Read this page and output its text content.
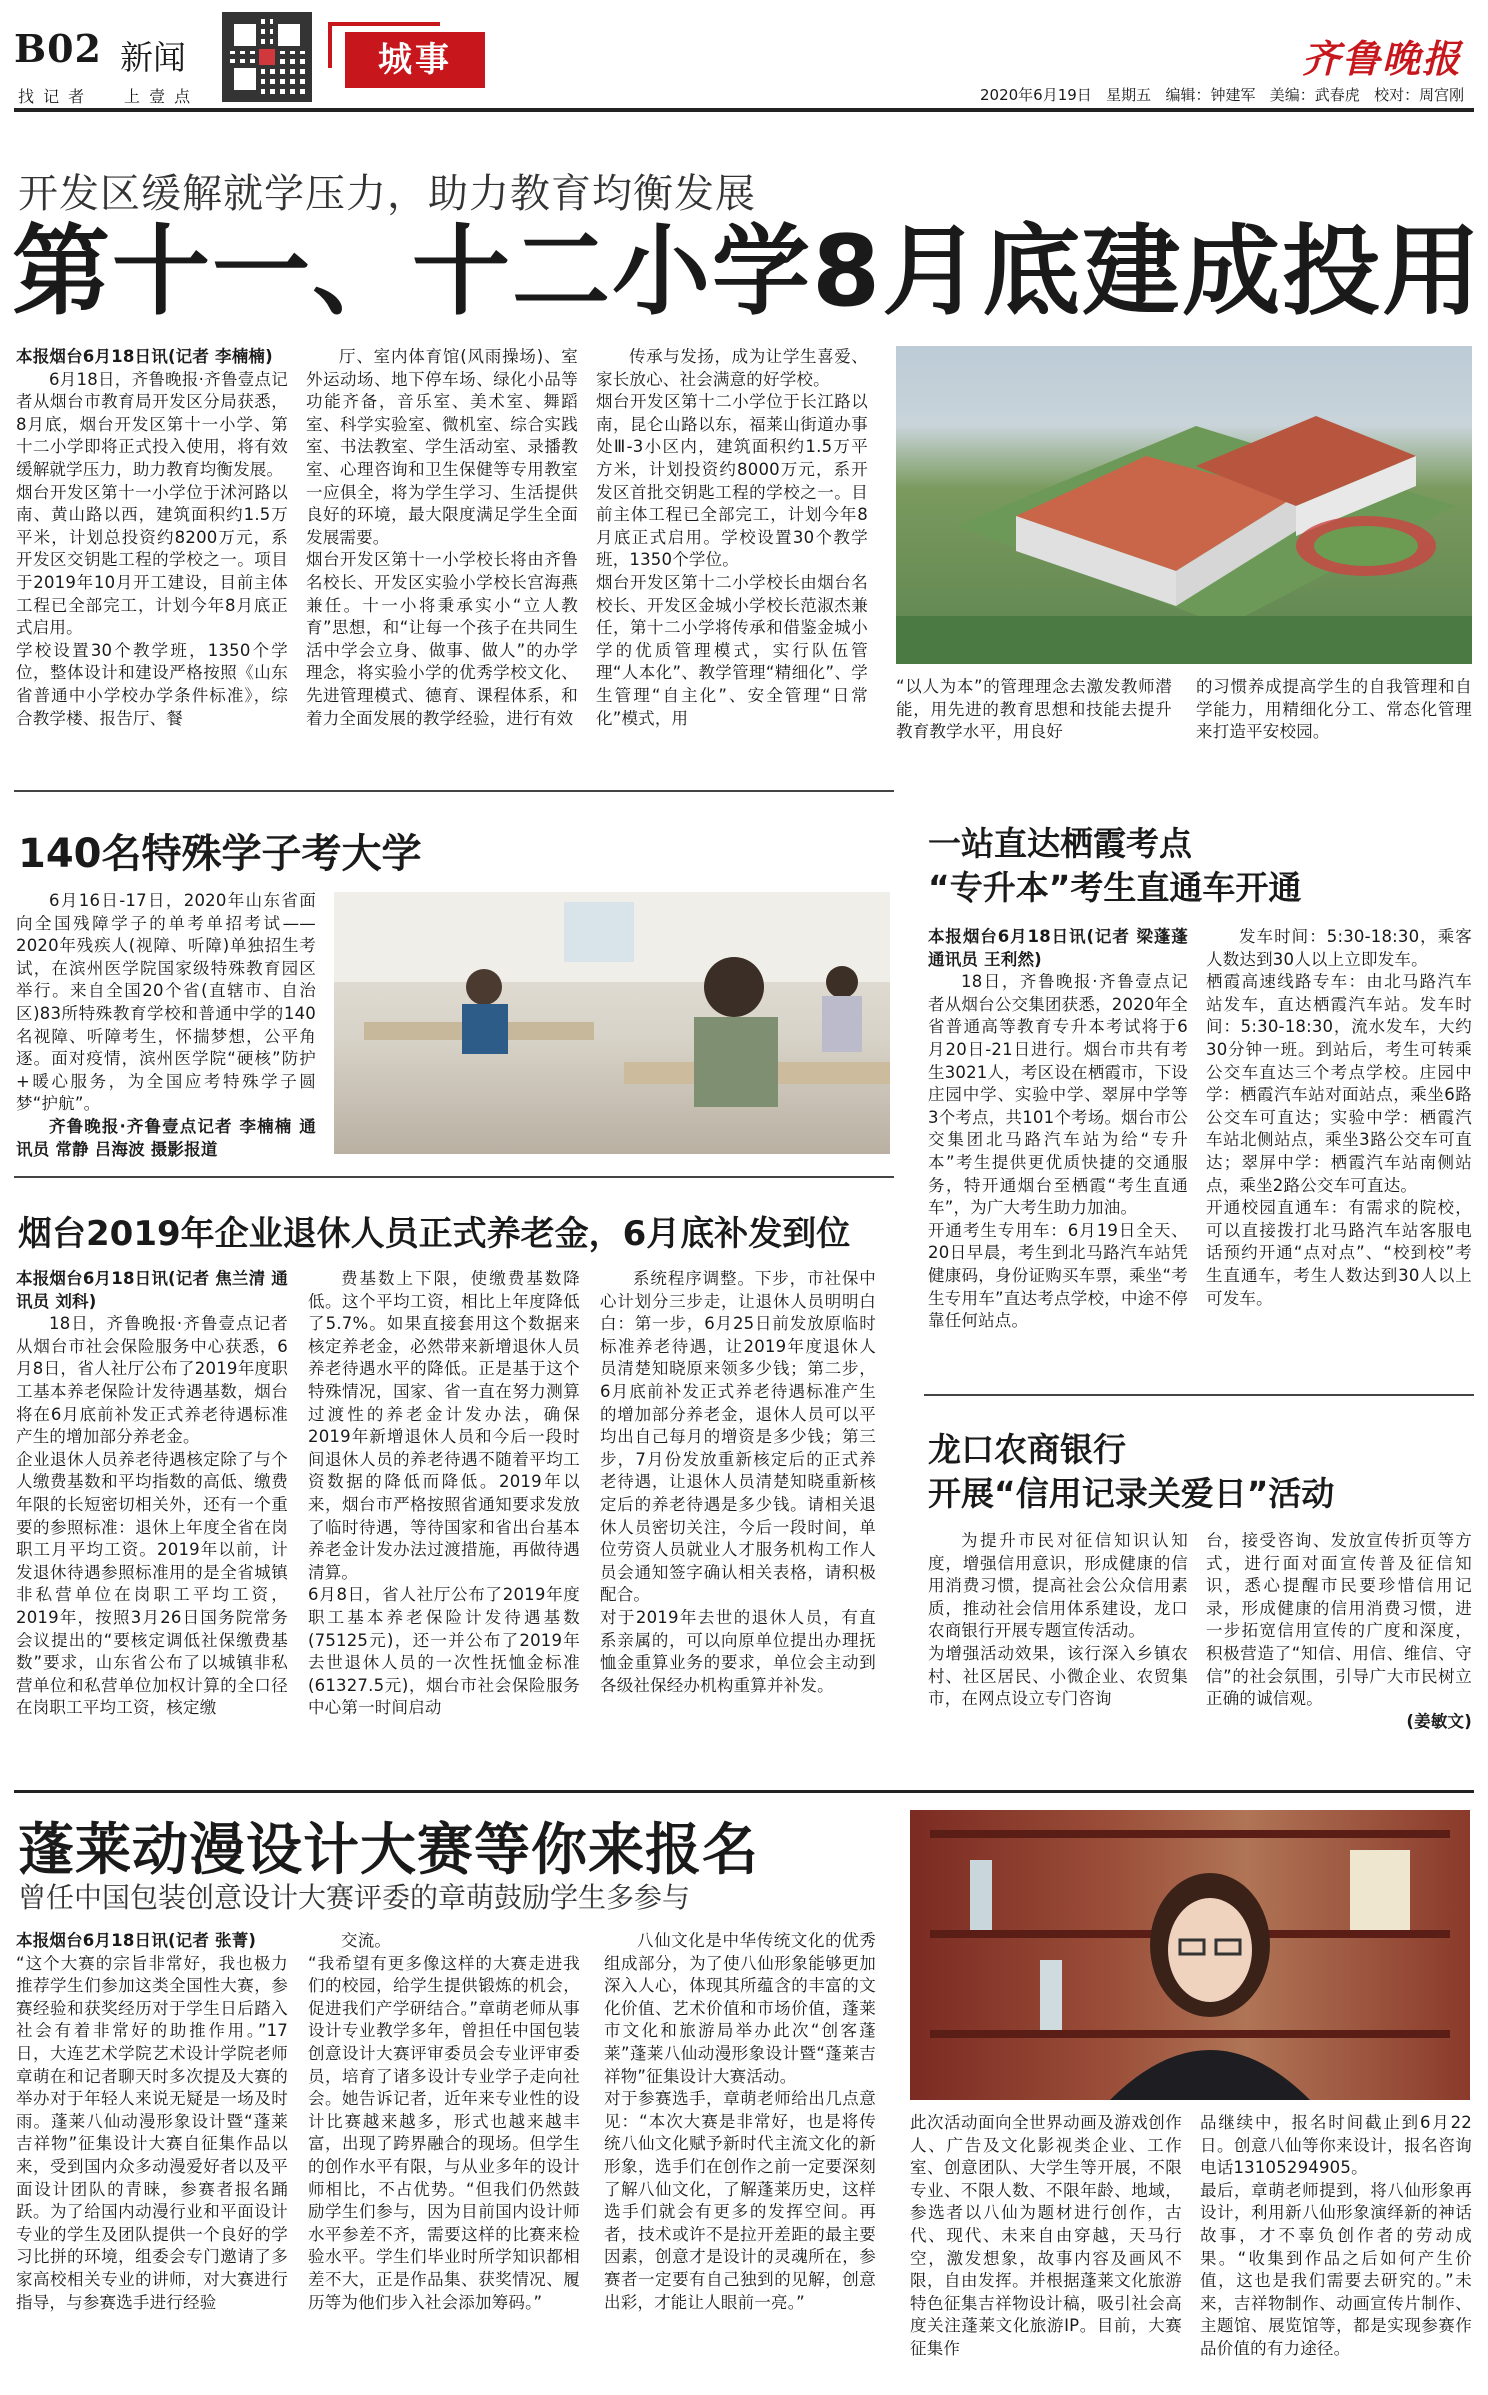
B02 新闻
找 记 者 上 壹 点
城事	齐鲁晚报
2020年6月19日 星期五 编辑：钟建军 美编：武春虎 校对：周宫刚
开发区缓解就学压力，助力教育均衡发展
第十一、十二小学8月底建成投用

本报烟台6月18日讯(记者 李楠楠)

6月18日，齐鲁晚报·齐鲁壹点记者从烟台市教育局开发区分局获悉，8月底，烟台开发区第十一小学、第十二小学即将正式投入使用，将有效缓解就学压力，助力教育均衡发展。
烟台开发区第十一小学位于沭河路以南、黄山路以西，建筑面积约1.5万平米，计划总投资约8200万元，系开发区交钥匙工程的学校之一。项目于2019年10月开工建设，目前主体工程已全部完工，计划今年8月底正式启用。
学校设置30个教学班，1350个学位，整体设计和建设严格按照《山东省普通中小学校办学条件标准》，综合教学楼、报告厅、餐
厅、室内体育馆(风雨操场)、室外运动场、地下停车场、绿化小品等功能齐备，音乐室、美术室、舞蹈室、科学实验室、微机室、综合实践室、书法教室、学生活动室、录播教室、心理咨询和卫生保健等专用教室一应俱全，将为学生学习、生活提供良好的环境，最大限度满足学生全面发展需要。
烟台开发区第十一小学校长将由齐鲁名校长、开发区实验小学校长宫海燕兼任。十一小将秉承实小“立人教育”思想，和“让每一个孩子在共同生活中学会立身、做事、做人”的办学理念，将实验小学的优秀学校文化、先进管理模式、德育、课程体系，和着力全面发展的教学经验，进行有效
传承与发扬，成为让学生喜爱、家长放心、社会满意的好学校。
烟台开发区第十二小学位于长江路以南，昆仑山路以东，福莱山街道办事处Ⅲ-3小区内，建筑面积约1.5万平方米，计划投资约8000万元，系开发区首批交钥匙工程的学校之一。目前主体工程已全部完工，计划今年8月底正式启用。学校设置30个教学班，1350个学位。
烟台开发区第十二小学校长由烟台名校长、开发区金城小学校长范淑杰兼任，第十二小学将传承和借鉴金城小学的优质管理模式，实行队伍管理“人本化”、教学管理“精细化”、学生管理“自主化”、安全管理“日常化”模式，用
“以人为本”的管理理念去激发教师潜能，用先进的教育思想和技能去提升教育教学水平，用良好
的习惯养成提高学生的自我管理和自学能力，用精细化分工、常态化管理来打造平安校园。
140名特殊学子考大学

6月16日-17日，2020年山东省面向全国残障学子的单考单招考试——2020年残疾人(视障、听障)单独招生考试，在滨州医学院国家级特殊教育园区举行。来自全国20个省(直辖市、自治区)83所特殊教育学校和普通中学的140名视障、听障考生，怀揣梦想，公平角逐。面对疫情，滨州医学院“硬核”防护+暖心服务，为全国应考特殊学子圆梦“护航”。

齐鲁晚报·齐鲁壹点记者 李楠楠 通讯员 常静 吕海波 摄影报道

烟台2019年企业退休人员正式养老金，6月底补发到位

本报烟台6月18日讯(记者 焦兰清 通讯员 刘科)

18日，齐鲁晚报·齐鲁壹点记者从烟台市社会保险服务中心获悉，6月8日，省人社厅公布了2019年度职工基本养老保险计发待遇基数，烟台将在6月底前补发正式养老待遇标准产生的增加部分养老金。
企业退休人员养老待遇核定除了与个人缴费基数和平均指数的高低、缴费年限的长短密切相关外，还有一个重要的参照标准：退休上年度全省在岗职工月平均工资。2019年以前，计发退休待遇参照标准用的是全省城镇非私营单位在岗职工平均工资，2019年，按照3月26日国务院常务会议提出的“要核定调低社保缴费基数”要求，山东省公布了以城镇非私营单位和私营单位加权计算的全口径在岗职工平均工资，核定缴
费基数上下限，使缴费基数降低。这个平均工资，相比上年度降低了5.7%。如果直接套用这个数据来核定养老金，必然带来新增退休人员养老待遇水平的降低。正是基于这个特殊情况，国家、省一直在努力测算过渡性的养老金计发办法，确保2019年新增退休人员和今后一段时间退休人员的养老待遇不随着平均工资数据的降低而降低。2019年以来，烟台市严格按照省通知要求发放了临时待遇，等待国家和省出台基本养老金计发办法过渡措施，再做待遇清算。
6月8日，省人社厅公布了2019年度职工基本养老保险计发待遇基数(75125元)，还一并公布了2019年去世退休人员的一次性抚恤金标准(61327.5元)，烟台市社会保险服务中心第一时间启动
系统程序调整。下步，市社保中心计划分三步走，让退休人员明明白白：第一步，6月25日前发放原临时标准养老待遇，让2019年度退休人员清楚知晓原来领多少钱；第二步，6月底前补发正式养老待遇标准产生的增加部分养老金，退休人员可以平均出自己每月的增资是多少钱；第三步，7月份发放重新核定后的正式养老待遇，让退休人员清楚知晓重新核定后的养老待遇是多少钱。请相关退休人员密切关注，今后一段时间，单位劳资人员就业人才服务机构工作人员会通知签字确认相关表格，请积极配合。
对于2019年去世的退休人员，有直系亲属的，可以向原单位提出办理抚恤金重算业务的要求，单位会主动到各级社保经办机构重算并补发。
一站直达栖霞考点
“专升本”考生直通车开通

本报烟台6月18日讯(记者 梁蓬蓬 通讯员 王利然)

18日，齐鲁晚报·齐鲁壹点记者从烟台公交集团获悉，2020年全省普通高等教育专升本考试将于6月20日-21日进行。烟台市共有考生3021人，考区设在栖霞市，下设庄园中学、实验中学、翠屏中学等3个考点，共101个考场。烟台市公交集团北马路汽车站为给“专升本”考生提供更优质快捷的交通服务，特开通烟台至栖霞“考生直通车”，为广大考生助力加油。
开通考生专用车：6月19日全天、20日早晨，考生到北马路汽车站凭健康码，身份证购买车票，乘坐“考生专用车”直达考点学校，中途不停靠任何站点。
发车时间：5:30-18:30，乘客人数达到30人以上立即发车。
栖霞高速线路专车：由北马路汽车站发车，直达栖霞汽车站。发车时间：5:30-18:30，流水发车，大约30分钟一班。到站后，考生可转乘公交车直达三个考点学校。庄园中学：栖霞汽车站对面站点，乘坐6路公交车可直达；实验中学：栖霞汽车站北侧站点，乘坐3路公交车可直达；翠屏中学：栖霞汽车站南侧站点，乘坐2路公交车可直达。
开通校园直通车：有需求的院校，可以直接拨打北马路汽车站客服电话预约开通“点对点”、“校到校”考生直通车，考生人数达到30人以上可发车。
龙口农商银行
开展“信用记录关爱日”活动
为提升市民对征信知识认知度，增强信用意识，形成健康的信用消费习惯，提高社会公众信用素质，推动社会信用体系建设，龙口农商银行开展专题宣传活动。
为增强活动效果，该行深入乡镇农村、社区居民、小微企业、农贸集市，在网点设立专门咨询
台，接受咨询、发放宣传折页等方式，进行面对面宣传普及征信知识，悉心提醒市民要珍惜信用记录，形成健康的信用消费习惯，进一步拓宽信用宣传的广度和深度，积极营造了“知信、用信、维信、守信”的社会氛围，引导广大市民树立正确的诚信观。
(姜敏文)
蓬莱动漫设计大赛等你来报名
曾任中国包装创意设计大赛评委的章萌鼓励学生多参与

本报烟台6月18日讯(记者 张菁)

“这个大赛的宗旨非常好，我也极力推荐学生们参加这类全国性大赛，参赛经验和获奖经历对于学生日后踏入社会有着非常好的助推作用。”17日，大连艺术学院艺术设计学院老师章萌在和记者聊天时多次提及大赛的举办对于年轻人来说无疑是一场及时雨。蓬莱八仙动漫形象设计暨“蓬莱吉祥物”征集设计大赛自征集作品以来，受到国内众多动漫爱好者以及平面设计团队的青睐，参赛者报名踊跃。为了给国内动漫行业和平面设计专业的学生及团队提供一个良好的学习比拼的环境，组委会专门邀请了多家高校相关专业的讲师，对大赛进行指导，与参赛选手进行经验
交流。
“我希望有更多像这样的大赛走进我们的校园，给学生提供锻炼的机会，促进我们产学研结合。”章萌老师从事设计专业教学多年，曾担任中国包装创意设计大赛评审委员会专业评审委员，培育了诸多设计专业学子走向社会。她告诉记者，近年来专业性的设计比赛越来越多，形式也越来越丰富，出现了跨界融合的现场。但学生的创作水平有限，与从业多年的设计师相比，不占优势。“但我们仍然鼓励学生们参与，因为目前国内设计师水平参差不齐，需要这样的比赛来检验水平。学生们毕业时所学知识都相差不大，正是作品集、获奖情况、履历等为他们步入社会添加筹码。”
八仙文化是中华传统文化的优秀组成部分，为了使八仙形象能够更加深入人心，体现其所蕴含的丰富的文化价值、艺术价值和市场价值，蓬莱市文化和旅游局举办此次“创客蓬莱”蓬莱八仙动漫形象设计暨“蓬莱吉祥物”征集设计大赛活动。
对于参赛选手，章萌老师给出几点意见：“本次大赛是非常好，也是将传统八仙文化赋予新时代主流文化的新形象，选手们在创作之前一定要深刻了解八仙文化，了解蓬莱历史，这样选手们就会有更多的发挥空间。再者，技术或许不是拉开差距的最主要因素，创意才是设计的灵魂所在，参赛者一定要有自己独到的见解，创意出彩，才能让人眼前一亮。”
此次活动面向全世界动画及游戏创作人、广告及文化影视类企业、工作室、创意团队、大学生等开展，不限专业、不限人数、不限年龄、地域，参选者以八仙为题材进行创作，古代、现代、未来自由穿越，天马行空，激发想象，故事内容及画风不限，自由发挥。并根据蓬莱文化旅游特色征集吉祥物设计稿，吸引社会高度关注蓬莱文化旅游IP。目前，大赛征集作
品继续中，报名时间截止到6月22日。创意八仙等你来设计，报名咨询电话13105294905。
最后，章萌老师提到，将八仙形象再设计，利用新八仙形象演绎新的神话故事，才不辜负创作者的劳动成果。“收集到作品之后如何产生价值，这也是我们需要去研究的。”未来，吉祥物制作、动画宣传片制作、主题馆、展览馆等，都是实现参赛作品价值的有力途径。
